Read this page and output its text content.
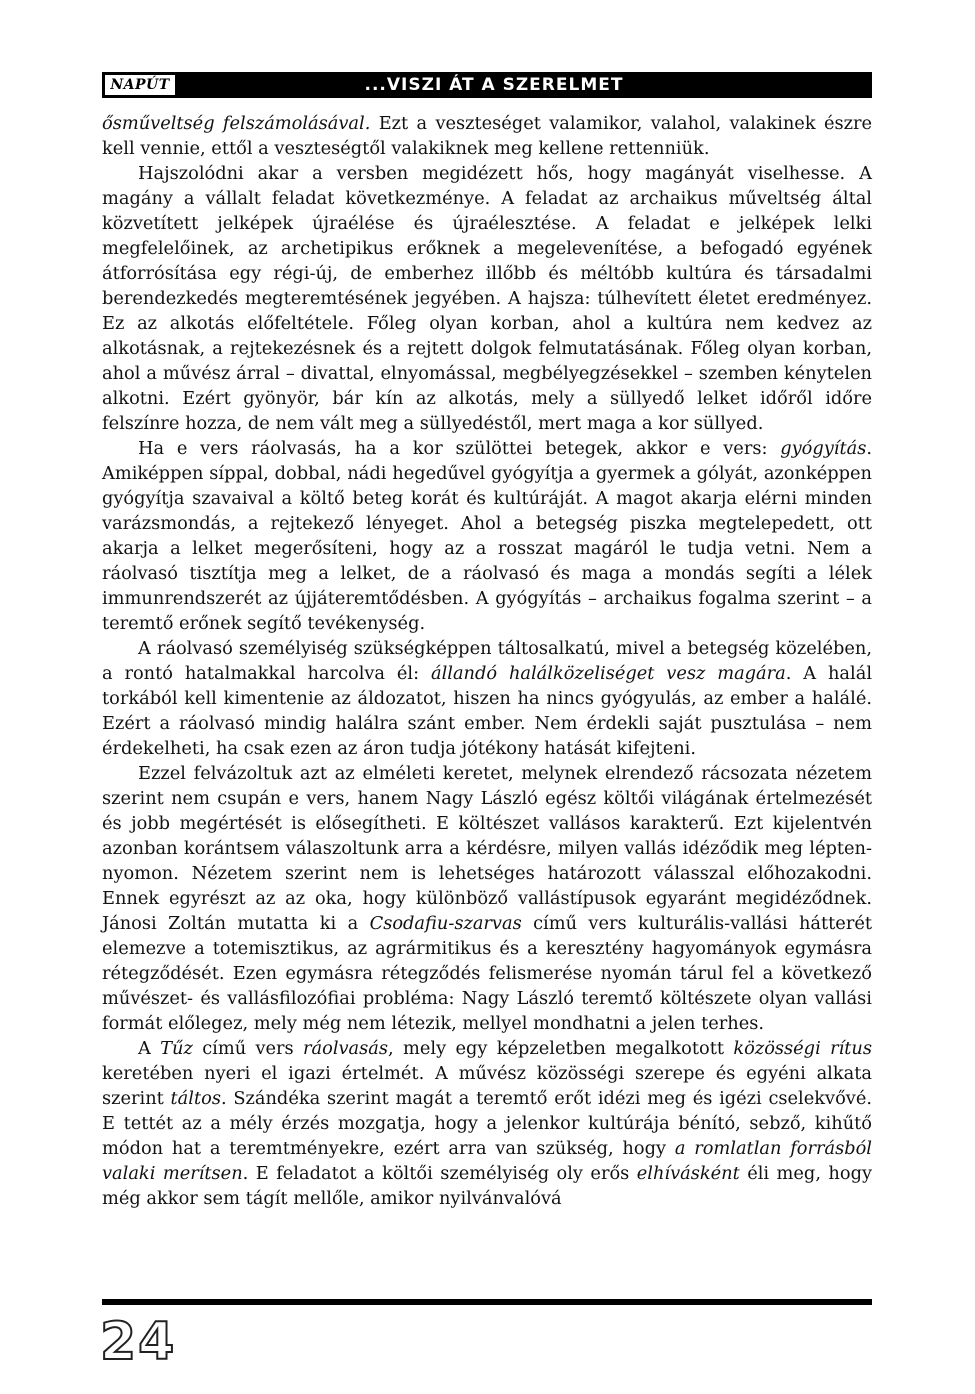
NAPÚT	...VISZI ÁT A SZERELMET

ősműveltség felszámolásával. Ezt a veszteséget valamikor, valahol, valakinek észre kell vennie, ettől a veszteségtől valakiknek meg kellene rettenniük.

Hajszolódni akar a versben megidézett hős, hogy magányát viselhesse. A magány a vállalt feladat következménye. A feladat az archaikus műveltség által közvetített jelképek újraélése és újraélesztése. A feladat e jelképek lelki megfelelőinek, az archetipikus erőknek a megelevenítése, a befogadó egyének átforrósítása egy régi-új, de emberhez illőbb és méltóbb kultúra és társadalmi berendezkedés megteremtésének jegyében. A hajsza: túlhevített életet eredményez. Ez az alkotás előfeltétele. Főleg olyan korban, ahol a kultúra nem kedvez az alkotásnak, a rejtekezésnek és a rejtett dolgok felmutatásának. Főleg olyan korban, ahol a művész árral – divattal, elnyomással, megbélyegzésekkel – szemben kénytelen alkotni. Ezért gyönyör, bár kín az alkotás, mely a süllyedő lelket időről időre felszínre hozza, de nem vált meg a süllyedéstől, mert maga a kor süllyed.

Ha e vers ráolvasás, ha a kor szülöttei betegek, akkor e vers: gyógyítás. Amiképpen síppal, dobbal, nádi hegedűvel gyógyítja a gyermek a gólyát, azonképpen gyógyítja szavaival a költő beteg korát és kultúráját. A magot akarja elérni minden varázsmondás, a rejtekező lényeget. Ahol a betegség piszka megtelepedett, ott akarja a lelket megerősíteni, hogy az a rosszat magáról le tudja vetni. Nem a ráolvasó tisztítja meg a lelket, de a ráolvasó és maga a mondás segíti a lélek immunrendszerét az újjáteremtődésben. A gyógyítás – archaikus fogalma szerint – a teremtő erőnek segítő tevékenység.

A ráolvasó személyiség szükségképpen táltosalkatú, mivel a betegség közelében, a rontó hatalmakkal harcolva él: állandó halálközeliséget vesz magára. A halál torkából kell kimentenie az áldozatot, hiszen ha nincs gyógyulás, az ember a halálé. Ezért a ráolvasó mindig halálra szánt ember. Nem érdekli saját pusztulása – nem érdekelheti, ha csak ezen az áron tudja jótékony hatását kifejteni.

Ezzel felvázoltuk azt az elméleti keretet, melynek elrendező rácsozata nézetem szerint nem csupán e vers, hanem Nagy László egész költői világának értelmezését és jobb megértését is elősegítheti. E költészet vallásos karakterű. Ezt kijelentvén azonban korántsem válaszoltunk arra a kérdésre, milyen vallás idéződik meg lépten-nyomon. Nézetem szerint nem is lehetséges határozott válasszal előhozakodni. Ennek egyrészt az az oka, hogy különböző vallástípusok egyaránt megidéződnek. Jánosi Zoltán mutatta ki a Csodafiu-szarvas című vers kulturális-vallási hátterét elemezve a totemisztikus, az agrármitikus és a keresztény hagyományok egymásra rétegződését. Ezen egymásra rétegződés felismerése nyomán tárul fel a következő művészet- és vallásfilozófiai probléma: Nagy László teremtő költészete olyan vallási formát előlegez, mely még nem létezik, mellyel mondhatni a jelen terhes.

A Tűz című vers ráolvasás, mely egy képzeletben megalkotott közösségi rítus keretében nyeri el igazi értelmét. A művész közösségi szerepe és egyéni alkata szerint táltos. Szándéka szerint magát a teremtő erőt idézi meg és igézi cselekvővé. E tettét az a mély érzés mozgatja, hogy a jelenkor kultúrája bénító, sebző, kihűtő módon hat a teremtményekre, ezért arra van szükség, hogy a romlatlan forrásból valaki merítsen. E feladatot a költői személyiség oly erős elhívásként éli meg, hogy még akkor sem tágít mellőle, amikor nyilvánvalóvá

24
